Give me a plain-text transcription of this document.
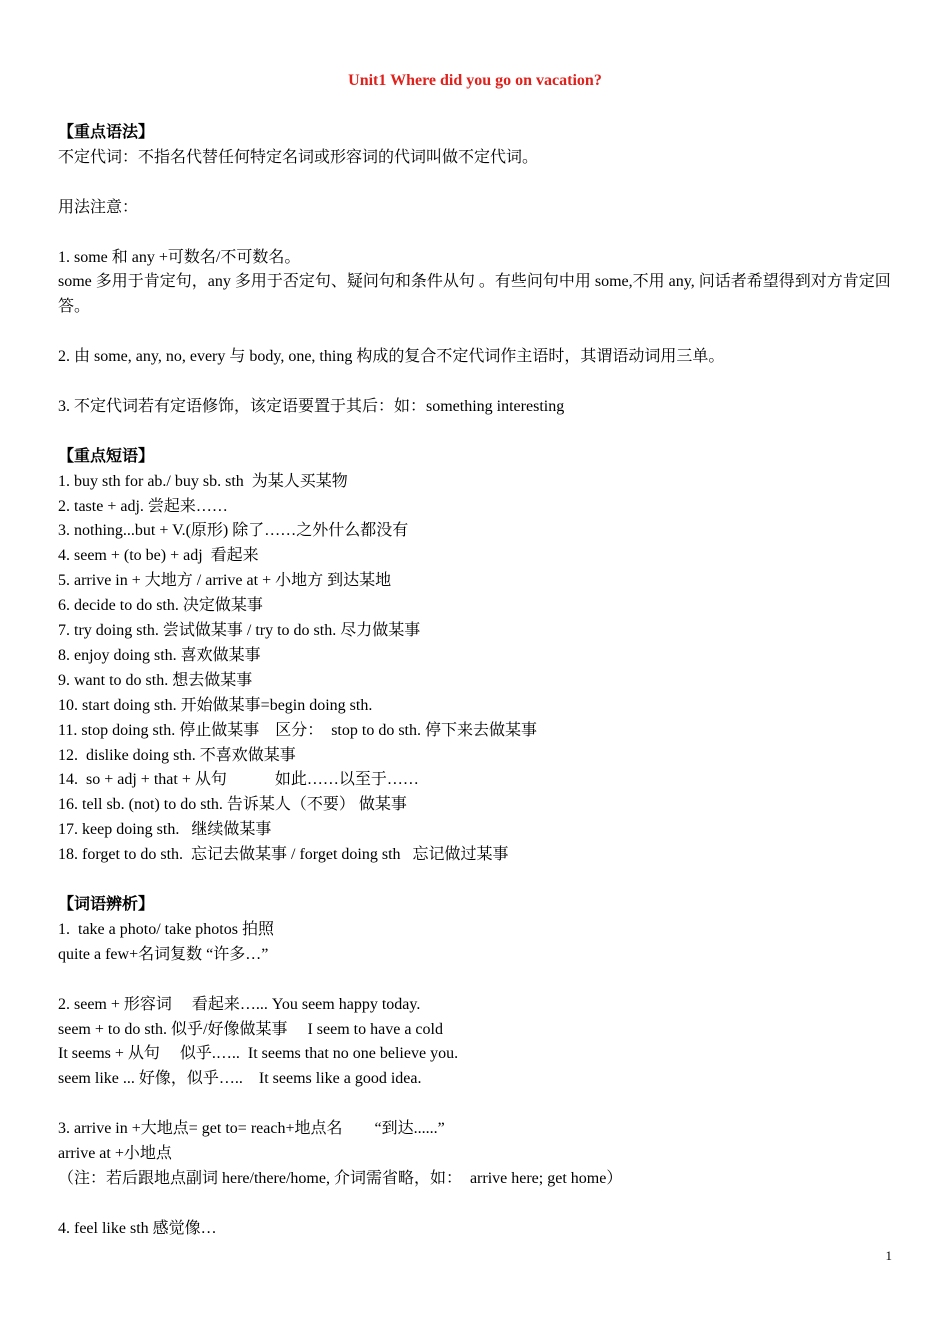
Unit1 Where did you go on vacation?
【重点语法】
不定代词：不指名代替任何特定名词或形容词的代词叫做不定代词。
用法注意：
1. some 和 any +可数名/不可数名。
some 多用于肯定句，any 多用于否定句、疑问句和条件从句 。有些问句中用 some,不用 any, 问话者希望得到对方肯定回答。
2. 由 some, any, no, every 与 body, one, thing 构成的复合不定代词作主语时，其谓语动词用三单。
3. 不定代词若有定语修饰，该定语要置于其后：如：something interesting
【重点短语】
1. buy sth for ab./ buy sb. sth  为某人买某物
2. taste + adj. 尝起来……
3. nothing...but + V.(原形) 除了……之外什么都没有
4. seem + (to be) + adj  看起来
5. arrive in + 大地方 / arrive at + 小地方 到达某地
6. decide to do sth. 决定做某事
7. try doing sth. 尝试做某事 / try to do sth. 尽力做某事
8. enjoy doing sth. 喜欢做某事
9. want to do sth. 想去做某事
10. start doing sth. 开始做某事=begin doing sth.
11. stop doing sth. 停止做某事    区分：  stop to do sth. 停下来去做某事
12.  dislike doing sth. 不喜欢做某事
14.  so + adj + that + 从句            如此……以至于……
16. tell sb. (not) to do sth. 告诉某人（不要） 做某事
17. keep doing sth.   继续做某事
18. forget to do sth.  忘记去做某事 / forget doing sth   忘记做过某事
【词语辨析】
1.  take a photo/ take photos 拍照
quite a few+名词复数 “许多…”
2. seem + 形容词     看起来…... You seem happy today.
seem + to do sth. 似乎/好像做某事     I seem to have a cold
It seems + 从句     似乎.…..  It seems that no one believe you.
seem like ... 好像，似乎…..    It seems like a good idea.
3. arrive in +大地点= get to= reach+地点名        “到达......”
arrive at +小地点
（注：若后跟地点副词 here/there/home, 介词需省略，如：  arrive here; get home）
4. feel like sth 感觉像…
1
